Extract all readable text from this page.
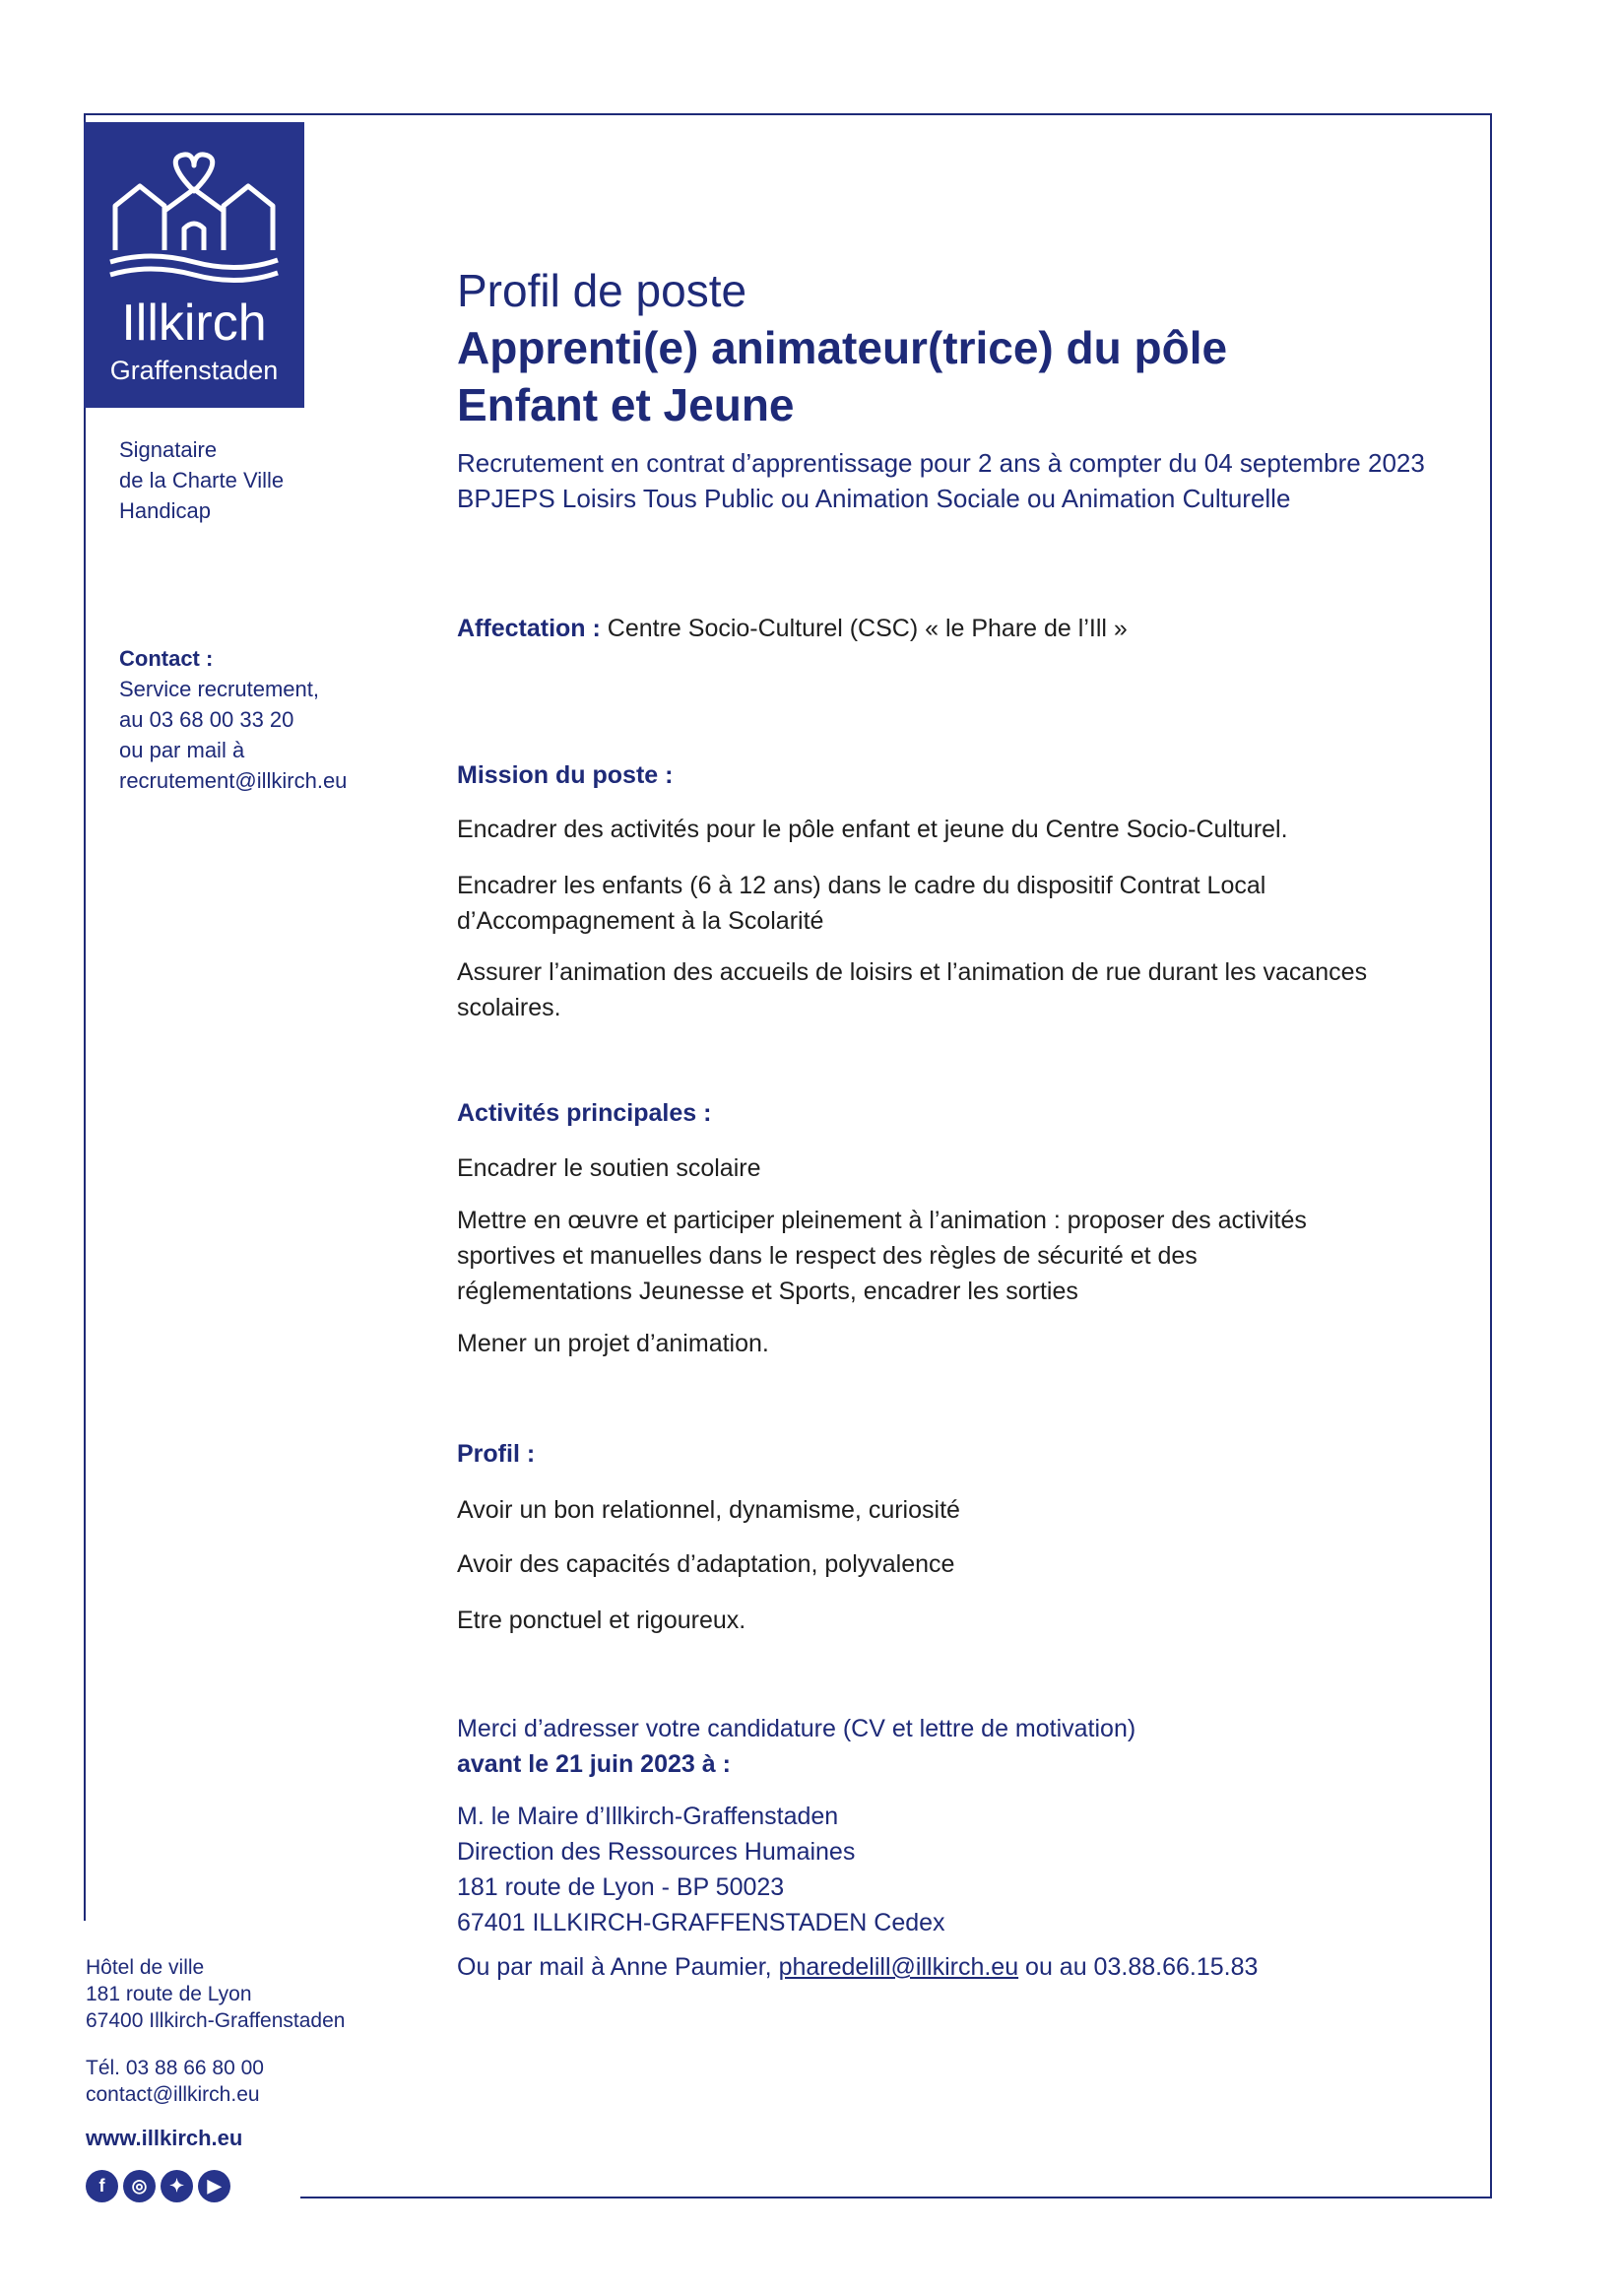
Illkirch
Graffenstaden
Signataire
de la Charte Ville
Handicap
Contact :
Service recrutement,
au 03 68 00 33 20
ou par mail à
recrutement@illkirch.eu
Hôtel de ville
181 route de Lyon
67400 Illkirch-Graffenstaden
Tél. 03 88 66 80 00
contact@illkirch.eu
www.illkirch.eu
f	◎	✦	▶
Profil de poste
Apprenti(e) animateur(trice) du pôle
Enfant et Jeune
Recrutement en contrat d’apprentissage pour 2 ans à compter du 04 septembre 2023
BPJEPS Loisirs Tous Public ou Animation Sociale ou Animation Culturelle
Affectation : Centre Socio-Culturel (CSC) « le Phare de l’Ill »
Mission du poste :
Encadrer des activités pour le pôle enfant et jeune du Centre Socio-Culturel.
Encadrer les enfants (6 à 12 ans) dans le cadre du dispositif Contrat Local
d’Accompagnement à la Scolarité
Assurer l’animation des accueils de loisirs et l’animation de rue durant les vacances
scolaires.
Activités principales :
Encadrer le soutien scolaire
Mettre en œuvre et participer pleinement à l’animation : proposer des activités
sportives et manuelles dans le respect des règles de sécurité et des
réglementations Jeunesse et Sports, encadrer les sorties
Mener un projet d’animation.
Profil :
Avoir un bon relationnel, dynamisme, curiosité
Avoir des capacités d’adaptation, polyvalence
Etre ponctuel et rigoureux.
Merci d’adresser votre candidature (CV et lettre de motivation)
avant le 21 juin 2023 à :
M. le Maire d’Illkirch-Graffenstaden
Direction des Ressources Humaines
181 route de Lyon - BP 50023
67401 ILLKIRCH-GRAFFENSTADEN Cedex
Ou par mail à Anne Paumier, pharedelill@illkirch.eu ou au 03.88.66.15.83
